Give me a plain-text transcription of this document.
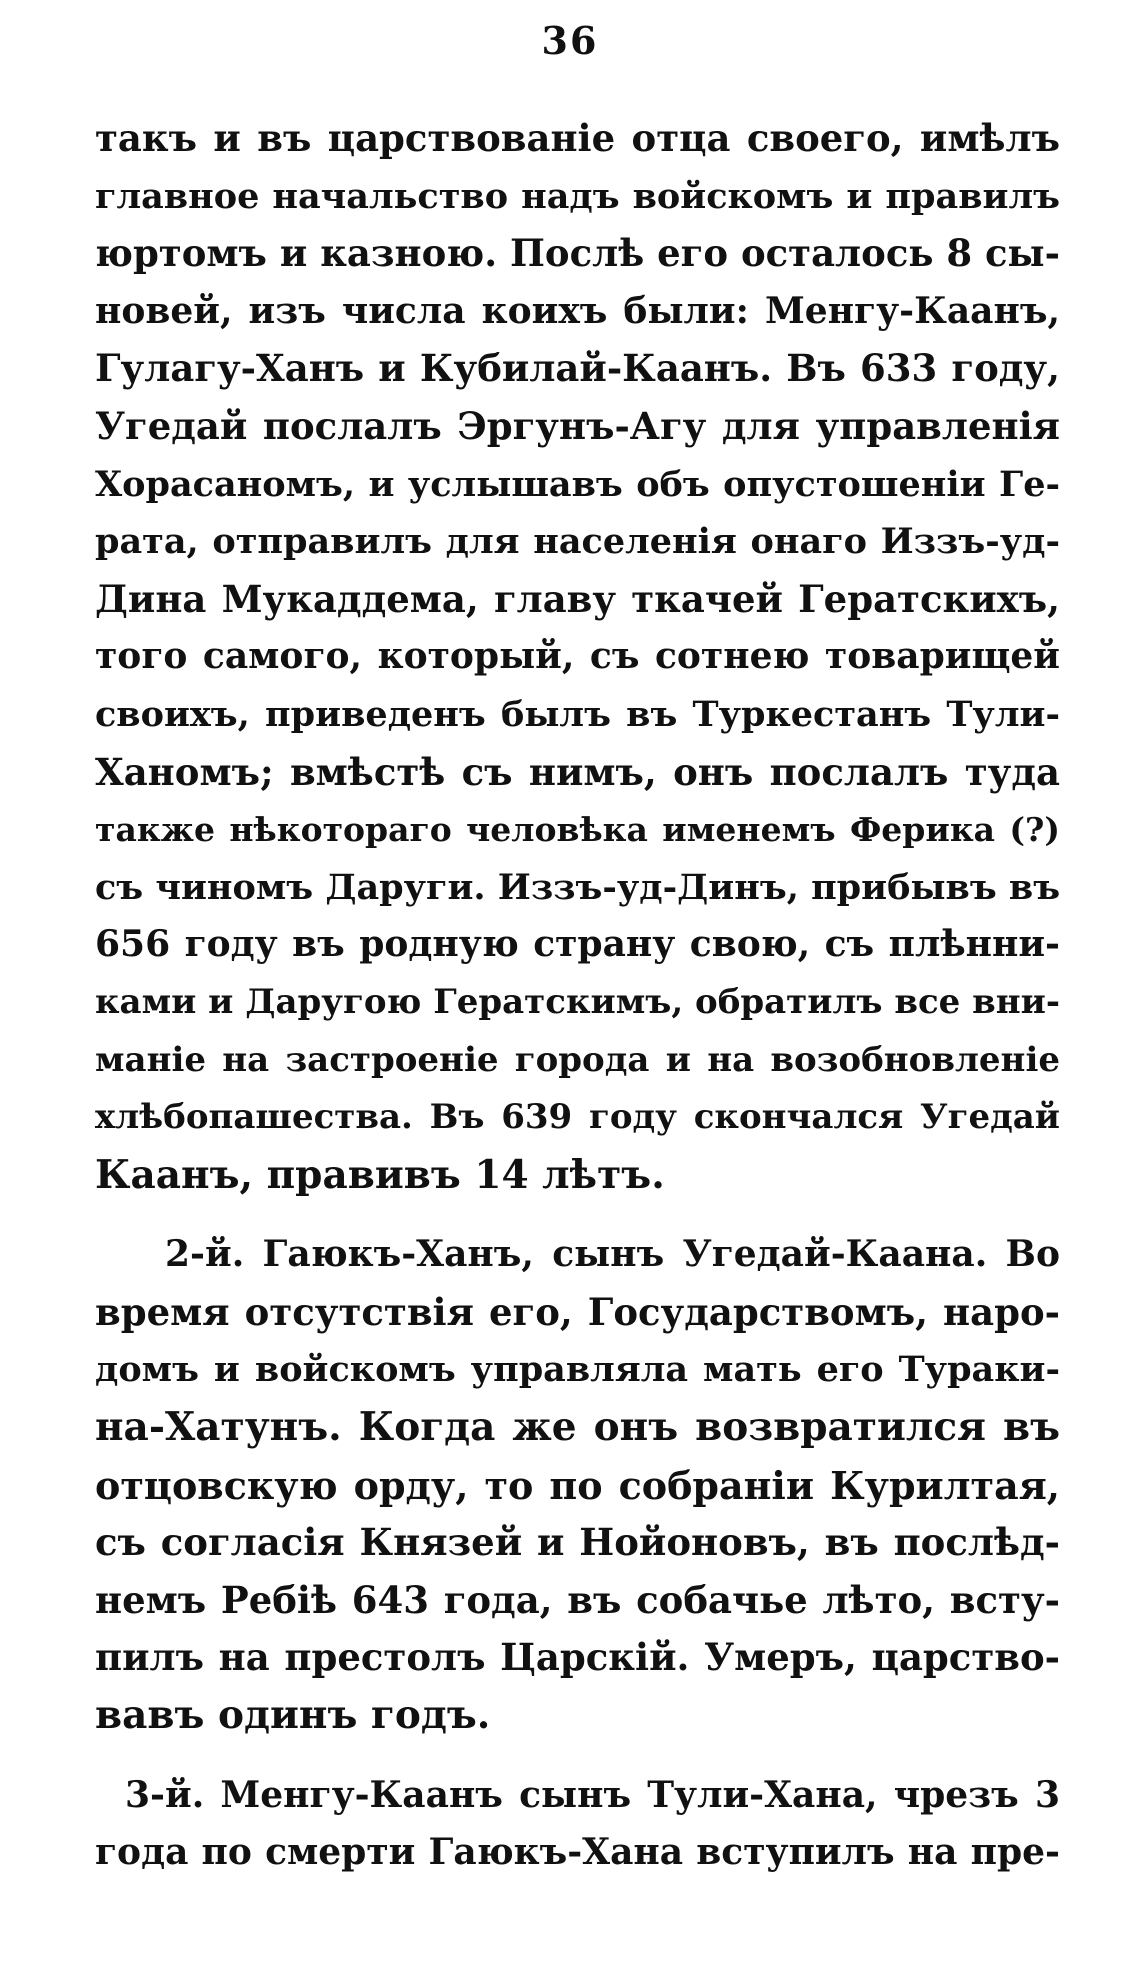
36
такъ и въ царствованіе отца своего, имѣлъ
главное начальство надъ войскомъ и правилъ
юртомъ и казною. Послѣ его осталось 8 сы-
новей, изъ числа коихъ были: Менгу-Каанъ,
Гулагу-Ханъ и Кубилай-Каанъ. Въ 633 году,
Угедай послалъ Эргунъ-Агу для управленія
Хорасаномъ, и услышавъ объ опустошеніи Ге-
рата, отправилъ для населенія онаго Иззъ-уд-
Дина Мукаддема, главу ткачей Гератскихъ,
того самого, который, съ сотнею товарищей
своихъ, приведенъ былъ въ Туркестанъ Тули-
Ханомъ; вмѣстѣ съ нимъ, онъ послалъ туда
также нѣкотораго человѣка именемъ Ферика (?)
съ чиномъ Даруги. Иззъ-уд-Динъ, прибывъ въ
656 году въ родную страну свою, съ плѣнни-
ками и Даругою Гератскимъ, обратилъ все вни-
маніе на застроеніе города и на возобновленіе
хлѣбопашества. Въ 639 году скончался Угедай
Каанъ, правивъ 14 лѣтъ.
2-й. Гаюкъ-Ханъ, сынъ Угедай-Каана. Во
время отсутствія его, Государствомъ, наро-
домъ и войскомъ управляла мать его Тураки-
на-Хатунъ. Когда же онъ возвратился въ
отцовскую орду, то по собраніи Курилтая,
съ согласія Князей и Нойоновъ, въ послѣд-
немъ Ребіѣ 643 года, въ собачье лѣто, всту-
пилъ на престолъ Царскій. Умеръ, царство-
вавъ одинъ годъ.
3-й. Менгу-Каанъ сынъ Тули-Хана, чрезъ 3
года по смерти Гаюкъ-Хана вступилъ на пре-
